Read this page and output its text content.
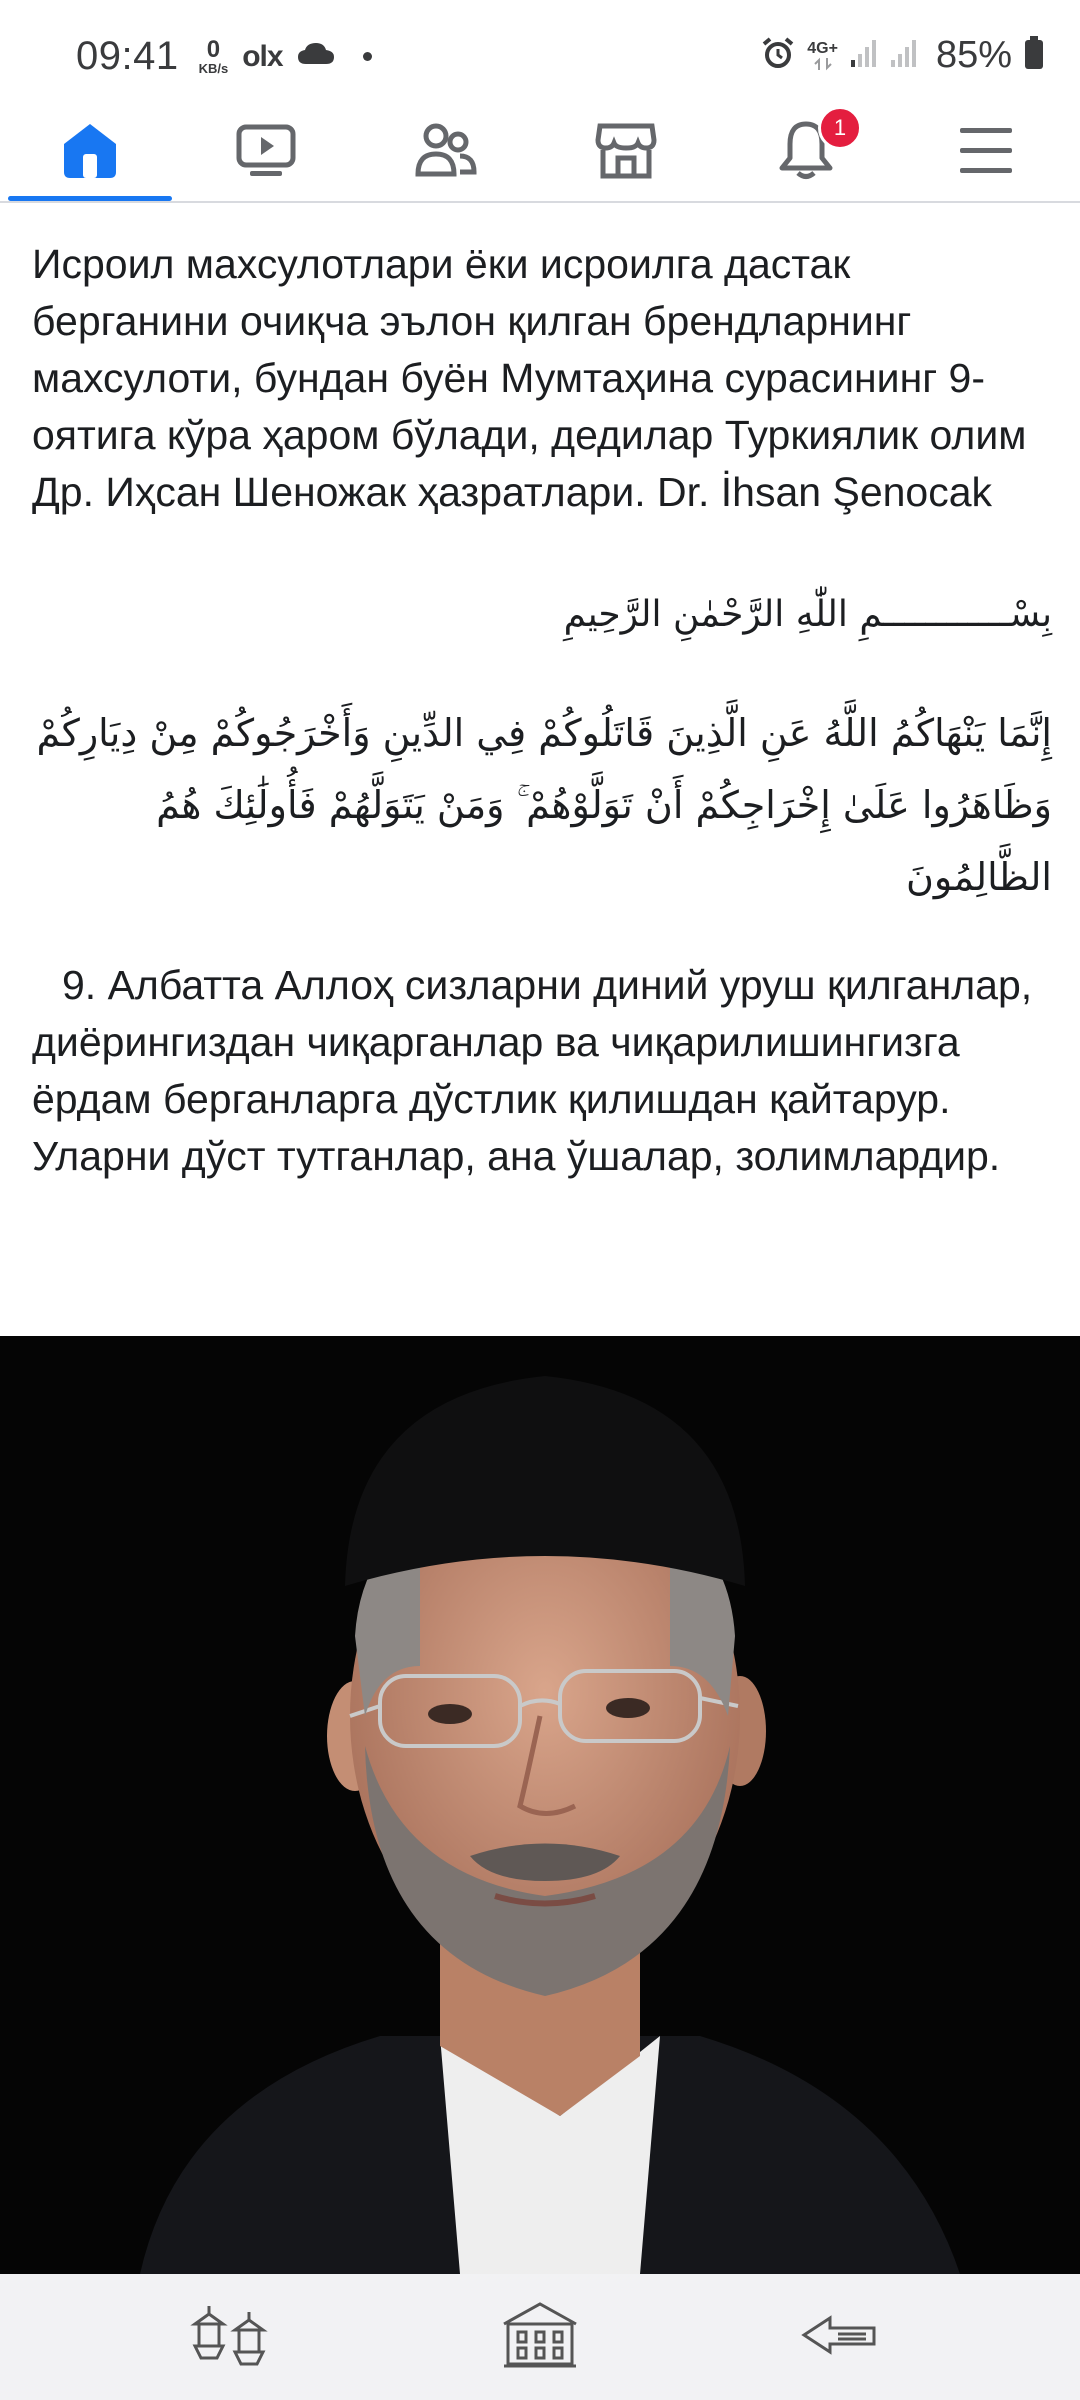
09:41 0
KB/s olx	4G+	85%
1

Исроил махсулотлари ёки исроилга дастак берганини очиқча эълон қилган брендларнинг махсулоти, бундан буён Мумтаҳина сурасининг 9-оятига кўра ҳаром бўлади, дедилар Туркиялик олим Др. Иҳсан Шеножак ҳазратлари. Dr. İhsan Şenocak

بِسْــــــــــــمِ اللّٰهِ الرَّحْمٰنِ الرَّحِيمِ

إِنَّمَا يَنْهَاكُمُ اللَّهُ عَنِ الَّذِينَ قَاتَلُوكُمْ فِي الدِّينِ وَأَخْرَجُوكُمْ مِنْ دِيَارِكُمْ وَظَاهَرُوا عَلَىٰ إِخْرَاجِكُمْ أَنْ تَوَلَّوْهُمْ ۚ وَمَنْ يَتَوَلَّهُمْ فَأُولَٰئِكَ هُمُ الظَّالِمُونَ

9. Албатта Аллоҳ сизларни диний уруш қилганлар, диёрингиздан чиқарганлар ва чиқарилишингизга ёрдам берганларга дўстлик қилишдан қайтарур. Уларни дўст тутганлар, ана ўшалар, золимлардир.
